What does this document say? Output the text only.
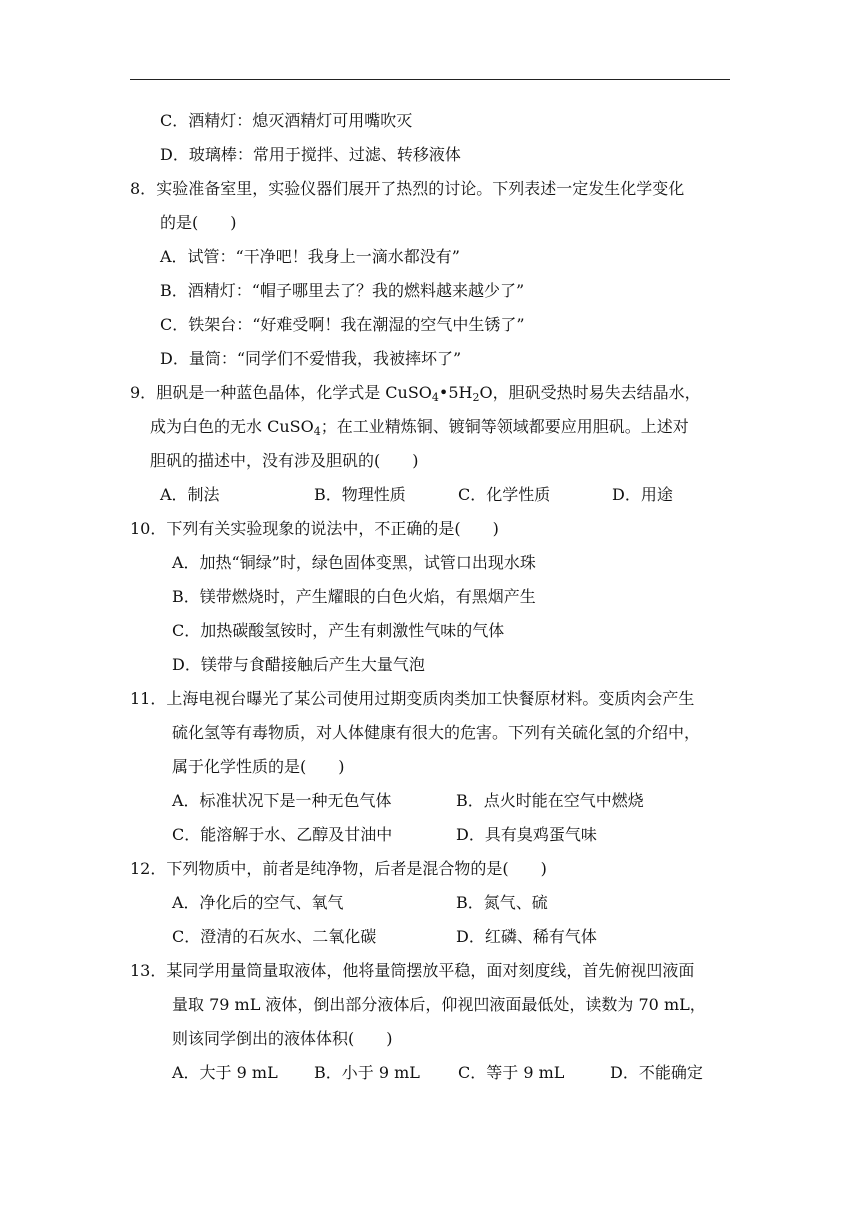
C．酒精灯：熄灭酒精灯可用嘴吹灭
D．玻璃棒：常用于搅拌、过滤、转移液体
8．实验准备室里，实验仪器们展开了热烈的讨论。下列表述一定发生化学变化
的是(　　)
A．试管：“干净吧！我身上一滴水都没有”
B．酒精灯：“帽子哪里去了？我的燃料越来越少了”
C．铁架台：“好难受啊！我在潮湿的空气中生锈了”
D．量筒：“同学们不爱惜我，我被摔坏了”
9．胆矾是一种蓝色晶体，化学式是 $CuSO_4•5H_2O$，胆矾受热时易失去结晶水，
成为白色的无水 CuSO$_4$；在工业精炼铜、镀铜等领域都要应用胆矾。上述对
胆矾的描述中，没有涉及胆矾的(　　)
A．制法	B．物理性质	C．化学性质	D．用途
10．下列有关实验现象的说法中，不正确的是(　　)
A．加热“铜绿”时，绿色固体变黑，试管口出现水珠
B．镁带燃烧时，产生耀眼的白色火焰，有黑烟产生
C．加热碳酸氢铵时，产生有刺激性气味的气体
D．镁带与食醋接触后产生大量气泡
11．上海电视台曝光了某公司使用过期变质肉类加工快餐原材料。变质肉会产生
硫化氢等有毒物质，对人体健康有很大的危害。下列有关硫化氢的介绍中，
属于化学性质的是(　　)
A．标准状况下是一种无色气体	B．点火时能在空气中燃烧
C．能溶解于水、乙醇及甘油中	D．具有臭鸡蛋气味
12．下列物质中，前者是纯净物，后者是混合物的是(　　)
A．净化后的空气、氧气	B．氮气、硫
C．澄清的石灰水、二氧化碳	D．红磷、稀有气体
13．某同学用量筒量取液体，他将量筒摆放平稳，面对刻度线，首先俯视凹液面
量取 79 mL 液体，倒出部分液体后，仰视凹液面最低处，读数为 70 mL，
则该同学倒出的液体体积(　　)
A．大于 9 mL	B．小于 9 mL	C．等于 9 mL	D．不能确定
